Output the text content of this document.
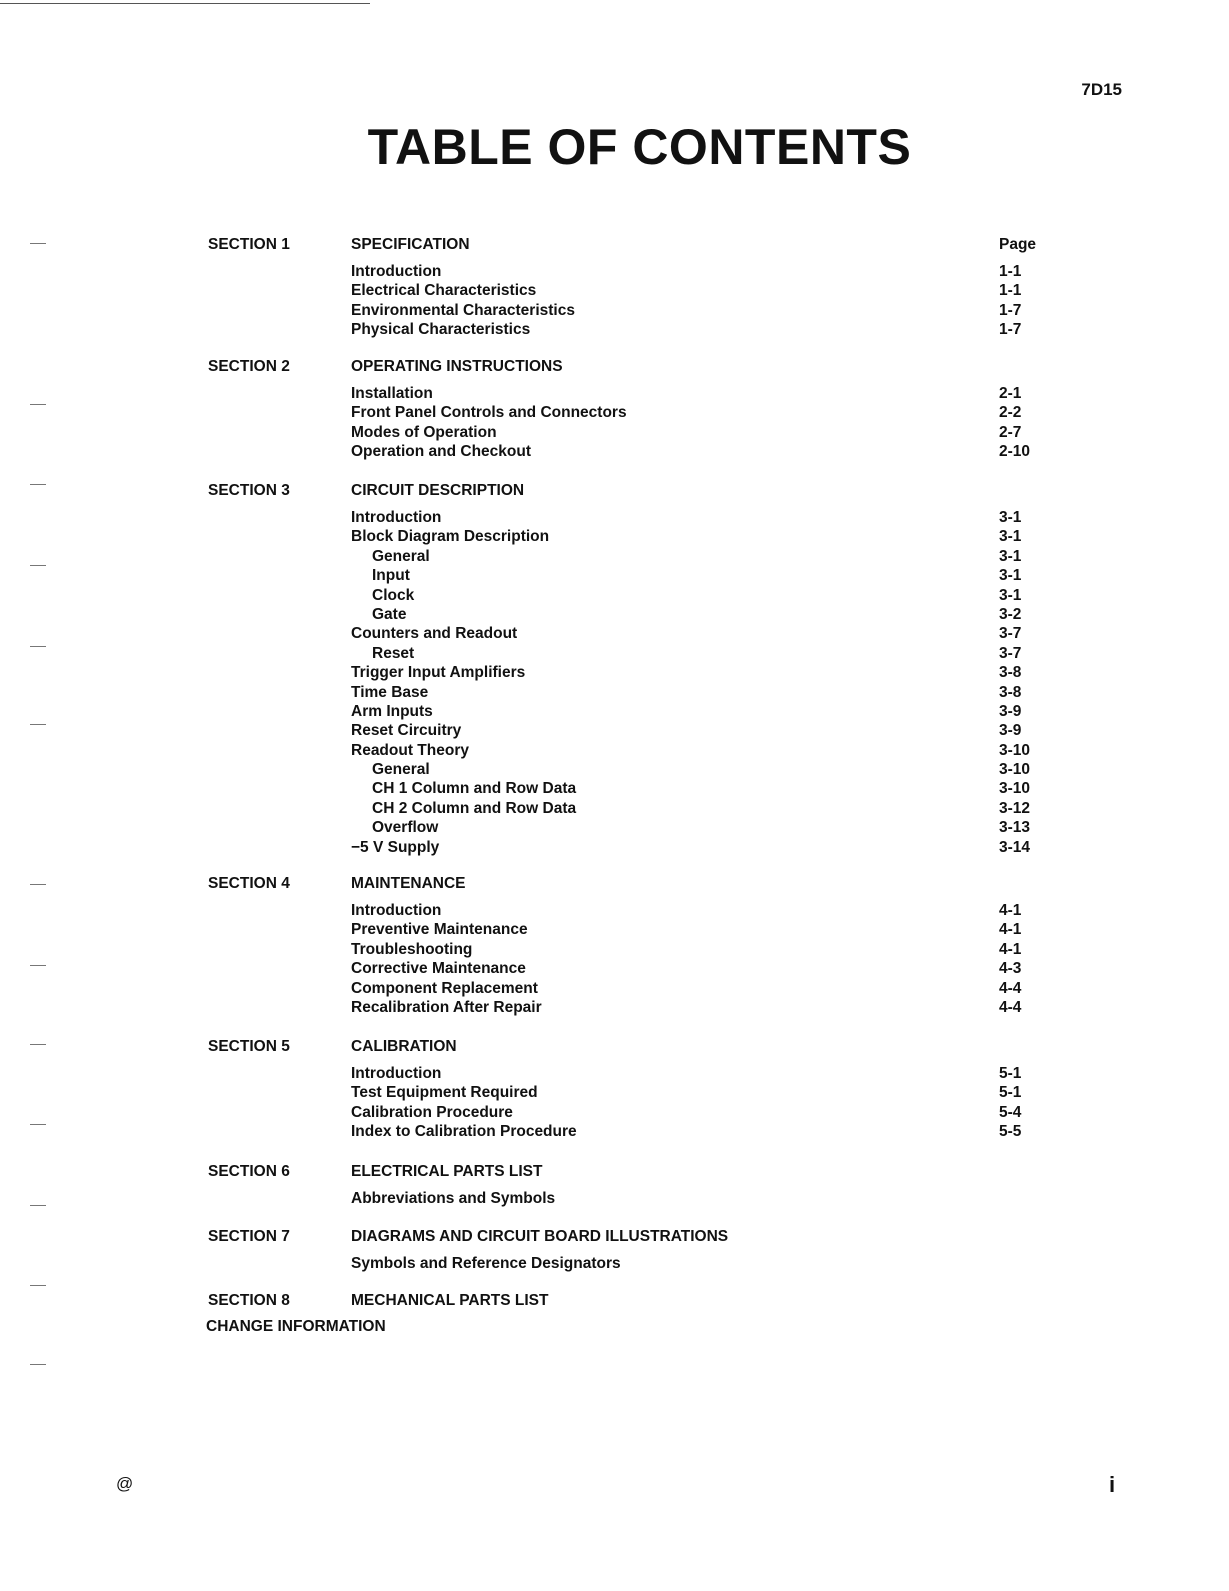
7D15
TABLE OF CONTENTS
SECTION 1	SPECIFICATION	Page
Introduction	1-1
Electrical Characteristics	1-1
Environmental Characteristics	1-7
Physical Characteristics	1-7
SECTION 2	OPERATING INSTRUCTIONS
Installation	2-1
Front Panel Controls and Connectors	2-2
Modes of Operation	2-7
Operation and Checkout	2-10
SECTION 3	CIRCUIT DESCRIPTION
Introduction	3-1
Block Diagram Description	3-1
General	3-1
Input	3-1
Clock	3-1
Gate	3-2
Counters and Readout	3-7
Reset	3-7
Trigger Input Amplifiers	3-8
Time Base	3-8
Arm Inputs	3-9
Reset Circuitry	3-9
Readout Theory	3-10
General	3-10
CH 1 Column and Row Data	3-10
CH 2 Column and Row Data	3-12
Overflow	3-13
−5 V Supply	3-14
SECTION 4	MAINTENANCE
Introduction	4-1
Preventive Maintenance	4-1
Troubleshooting	4-1
Corrective Maintenance	4-3
Component Replacement	4-4
Recalibration After Repair	4-4
SECTION 5	CALIBRATION
Introduction	5-1
Test Equipment Required	5-1
Calibration Procedure	5-4
Index to Calibration Procedure	5-5
SECTION 6	ELECTRICAL PARTS LIST
Abbreviations and Symbols
SECTION 7	DIAGRAMS AND CIRCUIT BOARD ILLUSTRATIONS
Symbols and Reference Designators
SECTION 8	MECHANICAL PARTS LIST
CHANGE INFORMATION
@	i
